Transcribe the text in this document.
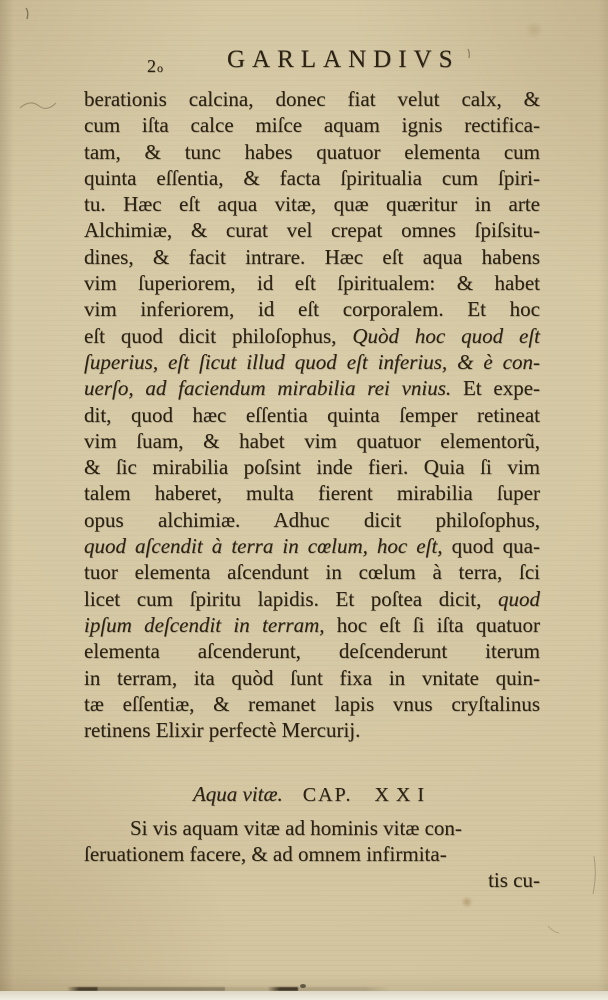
2o	GARLANDIVS
berationis calcina, donec fiat velut calx, &
cum iſta calce miſce aquam ignis rectifica-
tam, & tunc habes quatuor elementa cum
quinta eſſentia, & facta ſpiritualia cum ſpiri-
tu. Hæc eſt aqua vitæ, quæ quæritur in arte
Alchimiæ, & curat vel crepat omnes ſpiſsitu-
dines, & facit intrare. Hæc eſt aqua habens
vim ſuperiorem, id eſt ſpiritualem: & habet
vim inferiorem, id eſt corporalem. Et hoc
eſt quod dicit philoſophus, Quòd hoc quod eſt
ſuperius, eſt ſicut illud quod eſt inferius, & è con-
uerſo, ad faciendum mirabilia rei vnius. Et expe-
dit, quod hæc eſſentia quinta ſemper retineat
vim ſuam, & habet vim quatuor elementorũ,
& ſic mirabilia poſsint inde fieri. Quia ſi vim
talem haberet, multa fierent mirabilia ſuper
opus alchimiæ. Adhuc dicit philoſophus,
quod aſcendit à terra in cœlum, hoc eſt, quod qua-
tuor elementa aſcendunt in cœlum à terra, ſci
licet cum ſpiritu lapidis. Et poſtea dicit, quod
ipſum deſcendit in terram, hoc eſt ſi iſta quatuor
elementa aſcenderunt, deſcenderunt iterum
in terram, ita quòd ſunt fixa in vnitate quin-
tæ eſſentiæ, & remanet lapis vnus cryſtalinus
retinens Elixir perfectè Mercurij.
Aqua vitæ. CAP. XXI
Si vis aquam vitæ ad hominis vitæ con-
ſeruationem facere, & ad omnem infirmita-
tis cu-
